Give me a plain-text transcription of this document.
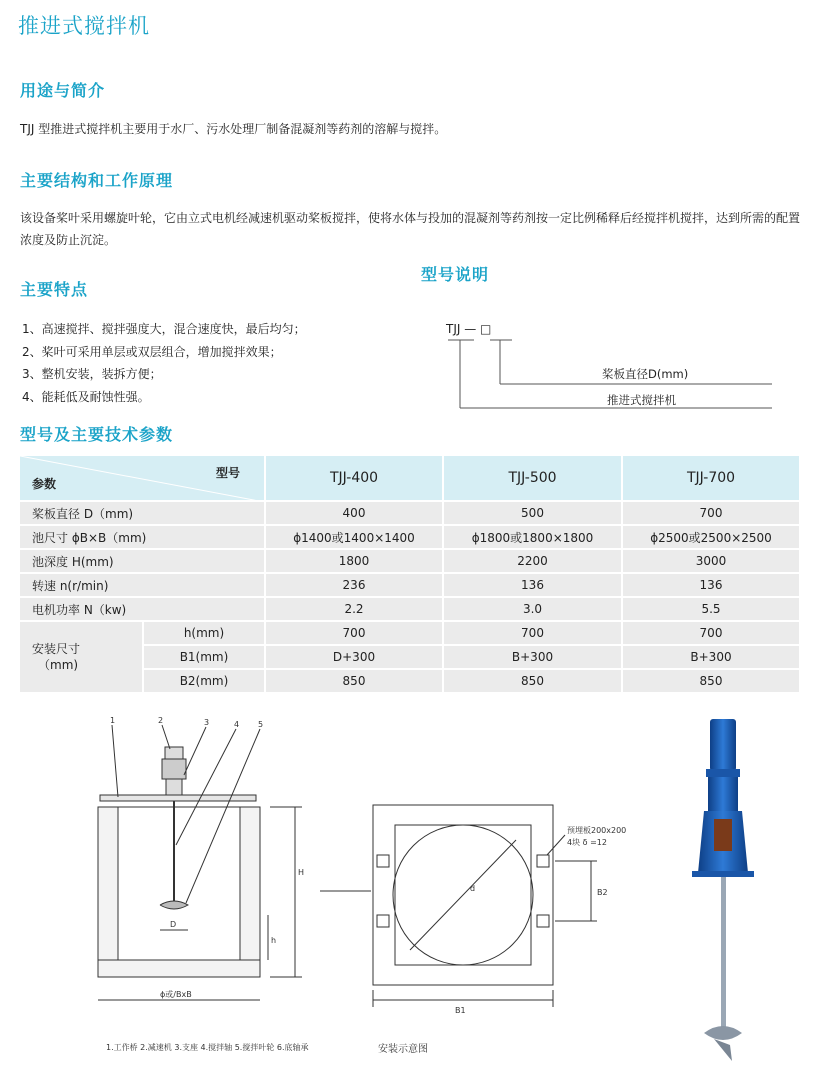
推进式搅拌机
用途与简介
TJJ 型推进式搅拌机主要用于水厂、污水处理厂制备混凝剂等药剂的溶解与搅拌。
主要结构和工作原理
该设备桨叶采用螺旋叶轮，它由立式电机经减速机驱动桨板搅拌，使将水体与投加的混凝剂等药剂按一定比例稀释后经搅拌机搅拌，达到所需的配置浓度及防止沉淀。
主要特点
1、高速搅拌、搅拌强度大，混合速度快，最后均匀；
2、桨叶可采用单层或双层组合，增加搅拌效果；
3、整机安装，装拆方便；
4、能耗低及耐蚀性强。
型号说明
TJJ — □
桨板直径D(mm)
推进式搅拌机
型号及主要技术参数
型号
参数		TJJ-400	TJJ-500	TJJ-700
桨板直径 D（mm)		400	500	700
池尺寸 ϕB×B（mm)		ϕ1400或1400×1400	ϕ1800或1800×1800	ϕ2500或2500×2500
池深度 H(mm)		1800	2200	3000
转速 n(r/min)		236	136	136
电机功率 N（kw)		2.2	3.0	5.5

安装尺寸
（mm)	h(mm)	700	700	700
	B1(mm)	D+300	B+300	B+300
	B2(mm)	850	850	850
1	2	3	4 5
H
h
D
ϕ或/BxB
1.工作桥 2.减速机 3.支座 4.搅拌轴 5.搅拌叶轮 6.底轴承
预埋板200x200
4块 δ =12
B2
B1
d
安装示意图
